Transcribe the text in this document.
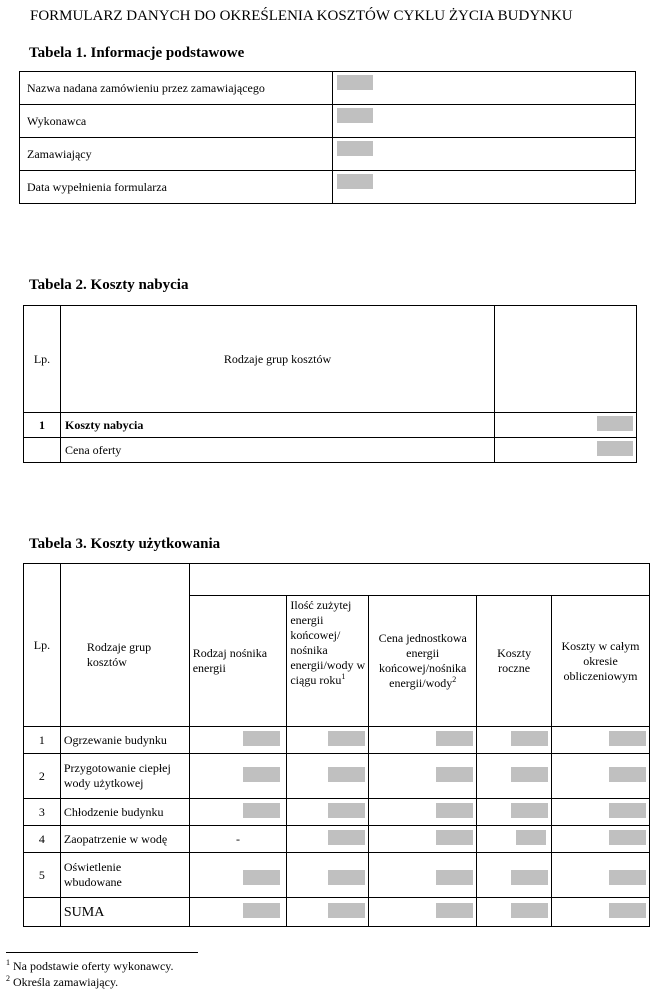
FORMULARZ DANYCH DO OKREŚLENIA KOSZTÓW CYKLU ŻYCIA BUDYNKU
Tabela 1. Informacje podstawowe
Nazwa nadana zamówieniu przez zamawiającego	
Wykonawca	
Zamawiający	
Data wypełnienia formularza	
Tabela 2. Koszty nabycia
Lp.	Rodzaje grup kosztów	
1	Koszty nabycia	
	Cena oferty	
Tabela 3. Koszty użytkowania
Lp.	Rodzaje grup kosztów					

		Rodzaj nośnika energii	Ilość zużytej energii końcowej/ nośnika energii/wody w ciągu roku$^1$	Cena jednostkowa energii końcowej/nośnika energii/wody$^2$	Koszty roczne	Koszty w całym okresie obliczeniowym
1	Ogrzewanie budynku					
2	Przygotowanie ciepłej wody użytkowej					
3	Chłodzenie budynku					
4	Zaopatrzenie w wodę	-				
5	Oświetlenie wbudowane					

	SUMA					
$^1$ Na podstawie oferty wykonawcy.
$^2$ Określa zamawiający.
